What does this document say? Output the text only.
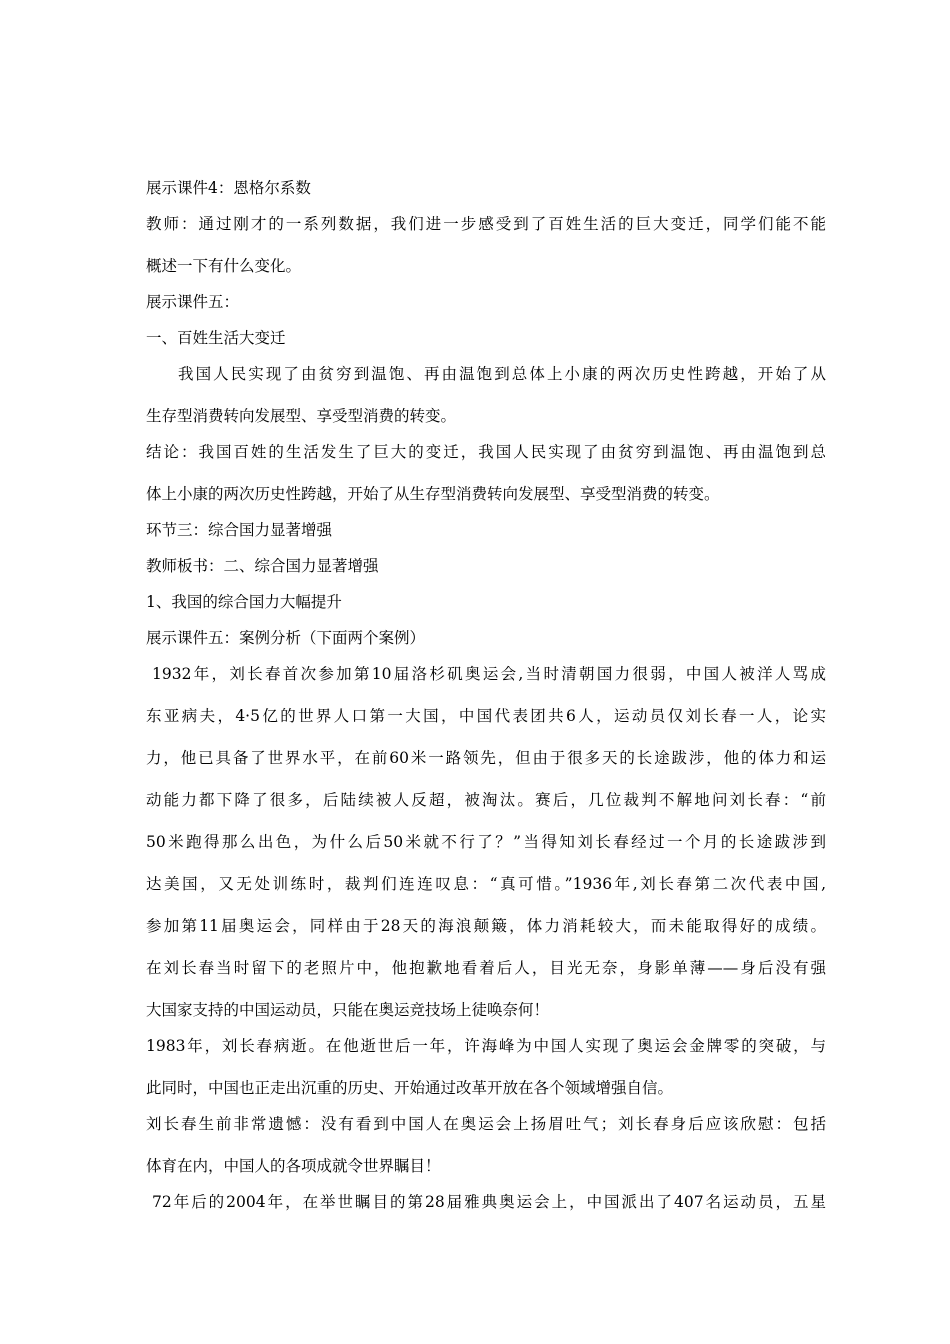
展示课件4：恩格尔系数
教师：通过刚才的一系列数据，我们进一步感受到了百姓生活的巨大变迁，同学们能不能
概述一下有什么变化。
展示课件五：
一、百姓生活大变迁
我国人民实现了由贫穷到温饱、再由温饱到总体上小康的两次历史性跨越，开始了从
生存型消费转向发展型、享受型消费的转变。
结论：我国百姓的生活发生了巨大的变迁，我国人民实现了由贫穷到温饱、再由温饱到总
体上小康的两次历史性跨越，开始了从生存型消费转向发展型、享受型消费的转变。
环节三：综合国力显著增强
教师板书：二、综合国力显著增强
1、我国的综合国力大幅提升
展示课件五：案例分析（下面两个案例）
1932年，刘长春首次参加第10届洛杉矶奥运会,当时清朝国力很弱，中国人被洋人骂成
东亚病夫，4·5亿的世界人口第一大国，中国代表团共6人，运动员仅刘长春一人，论实
力，他已具备了世界水平，在前60米一路领先，但由于很多天的长途跋涉，他的体力和运
动能力都下降了很多，后陆续被人反超，被淘汰。赛后，几位裁判不解地问刘长春：“前
50米跑得那么出色，为什么后50米就不行了？”当得知刘长春经过一个月的长途跋涉到
达美国，又无处训练时，裁判们连连叹息：“真可惜。”1936年,刘长春第二次代表中国,
参加第11届奥运会，同样由于28天的海浪颠簸，体力消耗较大，而未能取得好的成绩。
在刘长春当时留下的老照片中，他抱歉地看着后人，目光无奈，身影单薄——身后没有强
大国家支持的中国运动员，只能在奥运竞技场上徒唤奈何！
1983年，刘长春病逝。在他逝世后一年，许海峰为中国人实现了奥运会金牌零的突破，与
此同时，中国也正走出沉重的历史、开始通过改革开放在各个领域增强自信。
刘长春生前非常遗憾：没有看到中国人在奥运会上扬眉吐气；刘长春身后应该欣慰：包括
体育在内，中国人的各项成就令世界瞩目！
72年后的2004年，在举世瞩目的第28届雅典奥运会上，中国派出了407名运动员，五星
